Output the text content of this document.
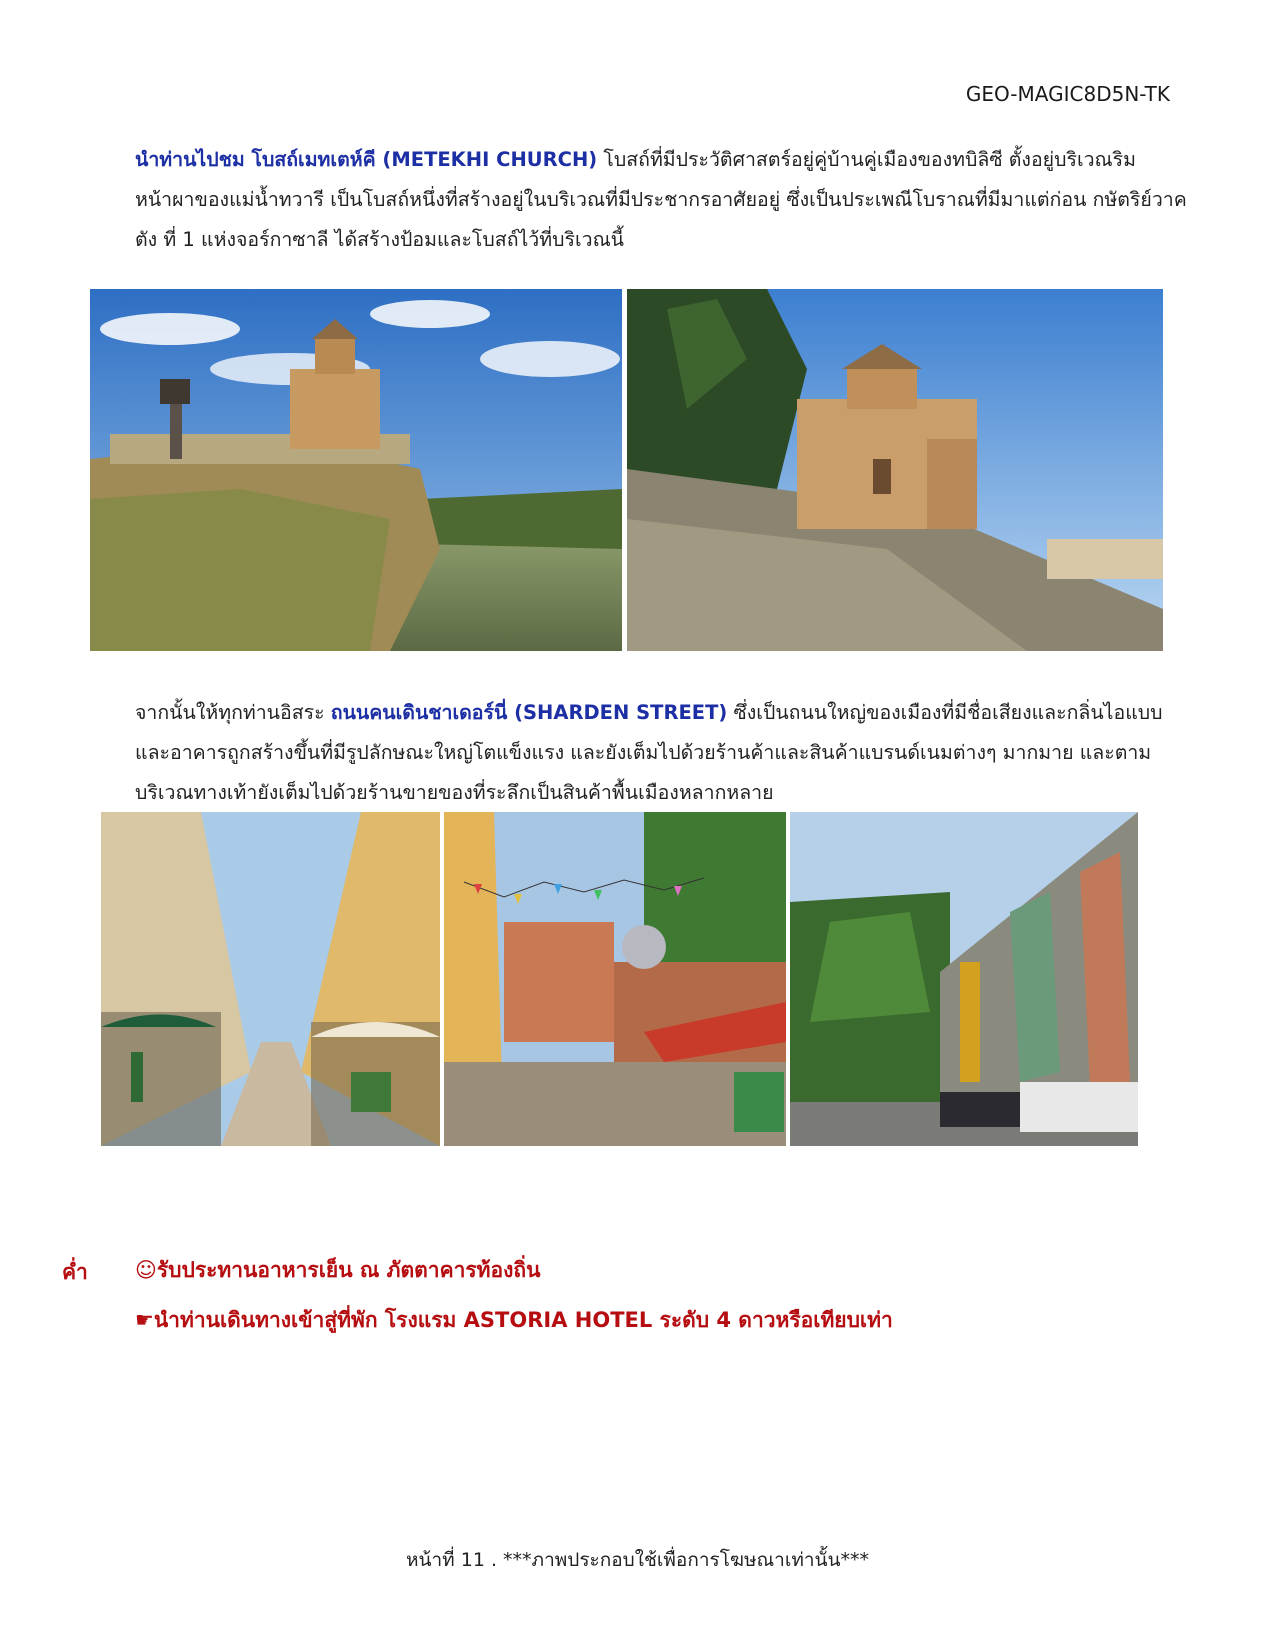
GEO-MAGIC8D5N-TK
นำท่านไปชม โบสถ์เมทเตห์คี (METEKHI CHURCH) โบสถ์ที่มีประวัติศาสตร์อยู่คู่บ้านคู่เมืองของทบิลิซี ตั้งอยู่บริเวณริมหน้าผาของแม่น้ำทวารี เป็นโบสถ์หนึ่งที่สร้างอยู่ในบริเวณที่มีประชากรอาศัยอยู่ ซึ่งเป็นประเพณีโบราณที่มีมาแต่ก่อน กษัตริย์วาคตัง ที่ 1 แห่งจอร์กาซาลี ได้สร้างป้อมและโบสถ์ไว้ที่บริเวณนี้
จากนั้นให้ทุกท่านอิสระ ถนนคนเดินชาเดอร์นี่ (SHARDEN STREET) ซึ่งเป็นถนนใหญ่ของเมืองที่มีชื่อเสียงและกลิ่นไอแบบ และอาคารถูกสร้างขึ้นที่มีรูปลักษณะใหญ่โตแข็งแรง และยังเต็มไปด้วยร้านค้าและสินค้าแบรนด์เนมต่างๆ มากมาย และตามบริเวณทางเท้ายังเต็มไปด้วยร้านขายของที่ระลึกเป็นสินค้าพื้นเมืองหลากหลาย
ค่ำ ☺รับประทานอาหารเย็น ณ ภัตตาคารท้องถิ่น
☛นำท่านเดินทางเข้าสู่ที่พัก โรงแรม ASTORIA HOTEL ระดับ 4 ดาวหรือเทียบเท่า
หน้าที่ 11 . ***ภาพประกอบใช้เพื่อการโฆษณาเท่านั้น***
